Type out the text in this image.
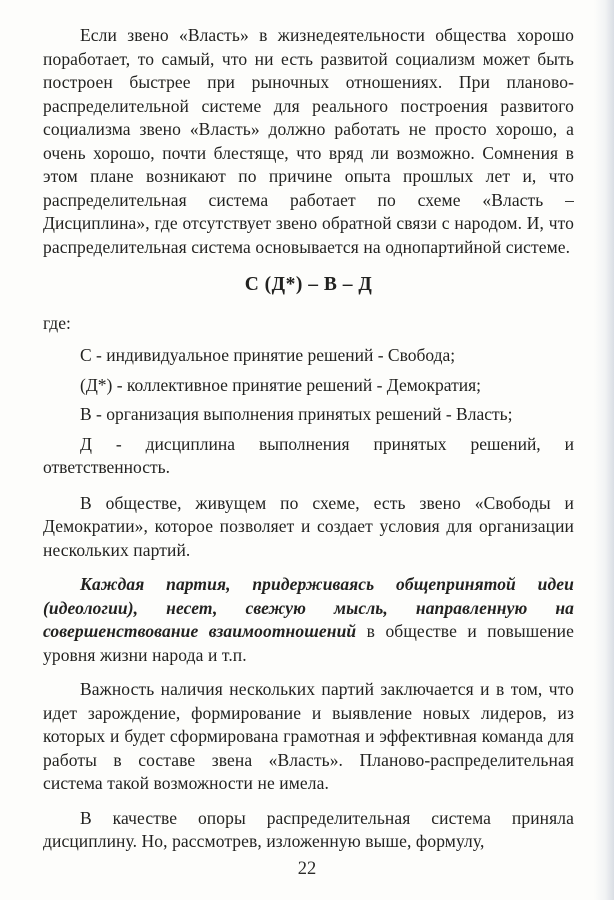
Если звено «Власть» в жизнедеятельности общества хорошо поработает, то самый, что ни есть развитой социализм может быть построен быстрее при рыночных отношениях. При планово-распределительной системе для реального построения развитого социализма звено «Власть» должно работать не просто хорошо, а очень хорошо, почти блестяще, что вряд ли возможно. Сомнения в этом плане возникают по причине опыта прошлых лет и, что распределительная система работает по схеме «Власть – Дисциплина», где отсутствует звено обратной связи с народом. И, что распределительная система основывается на однопартийной системе.

С (Д*) – В – Д

где:

С - индивидуальное принятие решений - Свобода;

(Д*) - коллективное принятие решений - Демократия;

В - организация выполнения принятых решений - Власть;

Д - дисциплина выполнения принятых решений, и ответственность.

В обществе, живущем по схеме, есть звено «Свободы и Демократии», которое позволяет и создает условия для организации нескольких партий.

Каждая партия, придерживаясь общепринятой идеи (идеологии), несет, свежую мысль, направленную на совершенствование взаимоотношений в обществе и повышение уровня жизни народа и т.п.

Важность наличия нескольких партий заключается и в том, что идет зарождение, формирование и выявление новых лидеров, из которых и будет сформирована грамотная и эффективная команда для работы в составе звена «Власть». Планово-распределительная система такой возможности не имела.

В качестве опоры распределительная система приняла дисциплину. Но, рассмотрев, изложенную выше, формулу,

22
